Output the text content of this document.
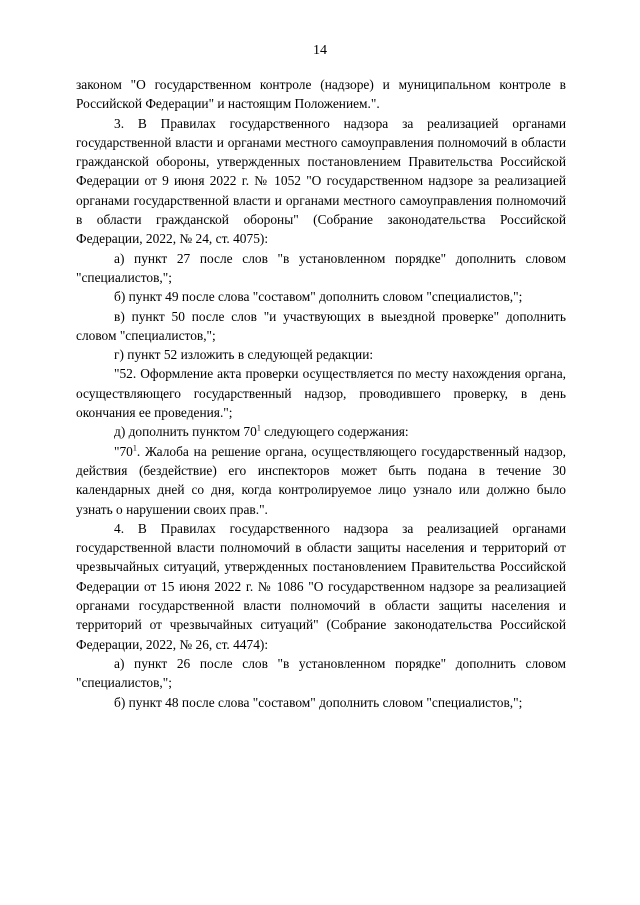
14

законом "О государственном контроле (надзоре) и муниципальном контроле в Российской Федерации" и настоящим Положением.".

3. В Правилах государственного надзора за реализацией органами государственной власти и органами местного самоуправления полномочий в области гражданской обороны, утвержденных постановлением Правительства Российской Федерации от 9 июня 2022 г. № 1052 "О государственном надзоре за реализацией органами государственной власти и органами местного самоуправления полномочий в области гражданской обороны" (Собрание законодательства Российской Федерации, 2022, № 24, ст. 4075):

а) пункт 27 после слов "в установленном порядке" дополнить словом "специалистов,";

б) пункт 49 после слова "составом" дополнить словом "специалистов,";

в) пункт 50 после слов "и участвующих в выездной проверке" дополнить словом "специалистов,";

г) пункт 52 изложить в следующей редакции:

"52. Оформление акта проверки осуществляется по месту нахождения органа, осуществляющего государственный надзор, проводившего проверку, в день окончания ее проведения.";

д) дополнить пунктом $70^1$ следующего содержания:

"$70^1$. Жалоба на решение органа, осуществляющего государственный надзор, действия (бездействие) его инспекторов может быть подана в течение 30 календарных дней со дня, когда контролируемое лицо узнало или должно было узнать о нарушении своих прав.".

4. В Правилах государственного надзора за реализацией органами государственной власти полномочий в области защиты населения и территорий от чрезвычайных ситуаций, утвержденных постановлением Правительства Российской Федерации от 15 июня 2022 г. № 1086 "О государственном надзоре за реализацией органами государственной власти полномочий в области защиты населения и территорий от чрезвычайных ситуаций" (Собрание законодательства Российской Федерации, 2022, № 26, ст. 4474):

а) пункт 26 после слов "в установленном порядке" дополнить словом "специалистов,";

б) пункт 48 после слова "составом" дополнить словом "специалистов,";
